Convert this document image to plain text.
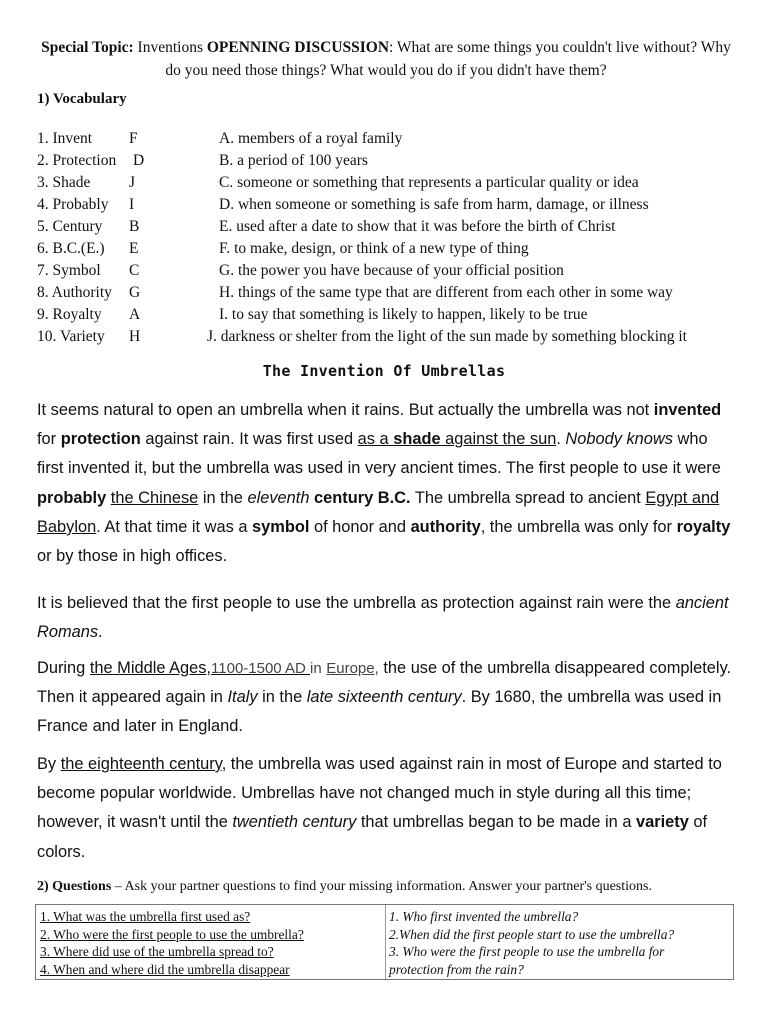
Special Topic: Inventions OPENNING DISCUSSION: What are some things you couldn't live without? Why do you need those things? What would you do if you didn't have them?
1) Vocabulary
1. Invent F	A. members of a royal family
2. Protection D	B. a period of 100 years
3. Shade J	C. someone or something that represents a particular quality or idea
4. Probably I	D. when someone or something is safe from harm, damage, or illness
5. Century B	E. used after a date to show that it was before the birth of Christ
6. B.C.(E.) E	F. to make, design, or think of a new type of thing
7. Symbol C	G. the power you have because of your official position
8. Authority G	H. things of the same type that are different from each other in some way
9. Royalty A	I. to say that something is likely to happen, likely to be true
10. Variety H	J. darkness or shelter from the light of the sun made by something blocking it
The Invention Of Umbrellas
It seems natural to open an umbrella when it rains. But actually the umbrella was not invented for protection against rain. It was first used as a shade against the sun. Nobody knows who first invented it, but the umbrella was used in very ancient times. The first people to use it were probably the Chinese in the eleventh century B.C. The umbrella spread to ancient Egypt and Babylon. At that time it was a symbol of honor and authority, the umbrella was only for royalty or by those in high offices.
It is believed that the first people to use the umbrella as protection against rain were the ancient Romans.
During the Middle Ages,1100-1500 AD in Europe, the use of the umbrella disappeared completely. Then it appeared again in Italy in the late sixteenth century. By 1680, the umbrella was used in France and later in England.
By the eighteenth century, the umbrella was used against rain in most of Europe and started to become popular worldwide. Umbrellas have not changed much in style during all this time; however, it wasn't until the twentieth century that umbrellas began to be made in a variety of colors.
2) Questions – Ask your partner questions to find your missing information. Answer your partner's questions.
1. What was the umbrella first used as?
2. Who were the first people to use the umbrella?
3. Where did use of the umbrella spread to?
4. When and where did the umbrella disappear
1. Who first invented the umbrella?
2.When did the first people start to use the umbrella?
3. Who were the first people to use the umbrella for
protection from the rain?
